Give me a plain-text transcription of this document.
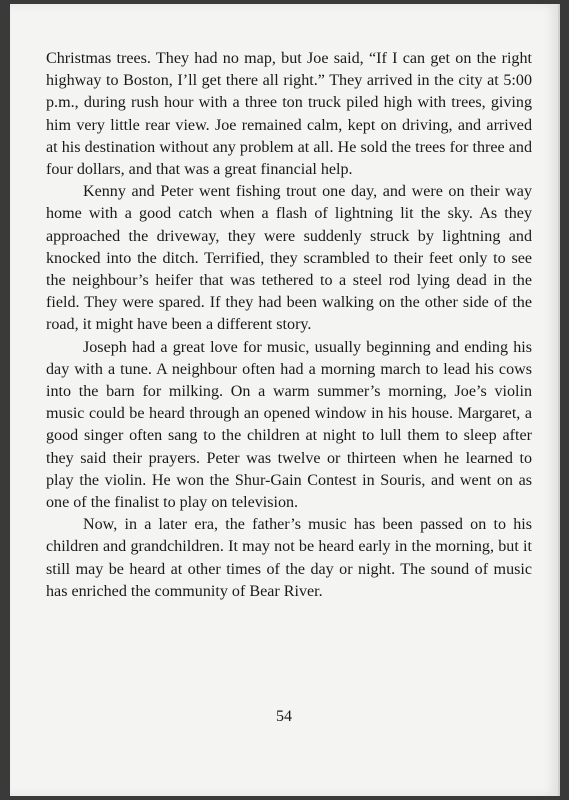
Christmas trees. They had no map, but Joe said, “If I can get on the right highway to Boston, I’ll get there all right.” They arrived in the city at 5:00 p.m., during rush hour with a three ton truck piled high with trees, giving him very little rear view. Joe remained calm, kept on driving, and arrived at his destination without any problem at all. He sold the trees for three and four dollars, and that was a great financial help.

Kenny and Peter went fishing trout one day, and were on their way home with a good catch when a flash of lightning lit the sky. As they approached the driveway, they were suddenly struck by lightning and knocked into the ditch. Terrified, they scrambled to their feet only to see the neighbour’s heifer that was tethered to a steel rod lying dead in the field. They were spared. If they had been walking on the other side of the road, it might have been a different story.

Joseph had a great love for music, usually beginning and ending his day with a tune. A neighbour often had a morning march to lead his cows into the barn for milking. On a warm summer’s morning, Joe’s violin music could be heard through an opened window in his house. Margaret, a good singer often sang to the children at night to lull them to sleep after they said their prayers. Peter was twelve or thirteen when he learned to play the violin. He won the Shur-Gain Contest in Souris, and went on as one of the finalist to play on television.

Now, in a later era, the father’s music has been passed on to his children and grandchildren. It may not be heard early in the morning, but it still may be heard at other times of the day or night. The sound of music has enriched the community of Bear River.

54
